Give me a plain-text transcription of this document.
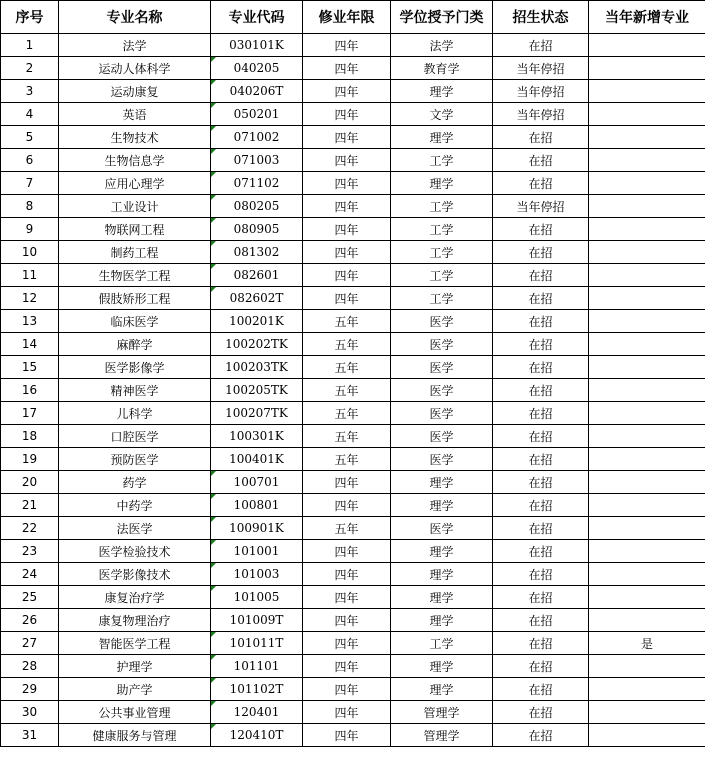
序号	专业名称	专业代码	修业年限	学位授予门类	招生状态	当年新增专业
1	法学	030101K	四年	法学	在招	
2	运动人体科学	040205	四年	教育学	当年停招	
3	运动康复	040206T	四年	理学	当年停招	
4	英语	050201	四年	文学	当年停招	
5	生物技术	071002	四年	理学	在招	
6	生物信息学	071003	四年	工学	在招	
7	应用心理学	071102	四年	理学	在招	
8	工业设计	080205	四年	工学	当年停招	
9	物联网工程	080905	四年	工学	在招	
10	制药工程	081302	四年	工学	在招	
11	生物医学工程	082601	四年	工学	在招	
12	假肢矫形工程	082602T	四年	工学	在招	
13	临床医学	100201K	五年	医学	在招	
14	麻醉学	100202TK	五年	医学	在招	
15	医学影像学	100203TK	五年	医学	在招	
16	精神医学	100205TK	五年	医学	在招	
17	儿科学	100207TK	五年	医学	在招	
18	口腔医学	100301K	五年	医学	在招	
19	预防医学	100401K	五年	医学	在招	
20	药学	100701	四年	理学	在招	
21	中药学	100801	四年	理学	在招	
22	法医学	100901K	五年	医学	在招	
23	医学检验技术	101001	四年	理学	在招	
24	医学影像技术	101003	四年	理学	在招	
25	康复治疗学	101005	四年	理学	在招	
26	康复物理治疗	101009T	四年	理学	在招	
27	智能医学工程	101011T	四年	工学	在招	是
28	护理学	101101	四年	理学	在招	
29	助产学	101102T	四年	理学	在招	
30	公共事业管理	120401	四年	管理学	在招	
31	健康服务与管理	120410T	四年	管理学	在招	
